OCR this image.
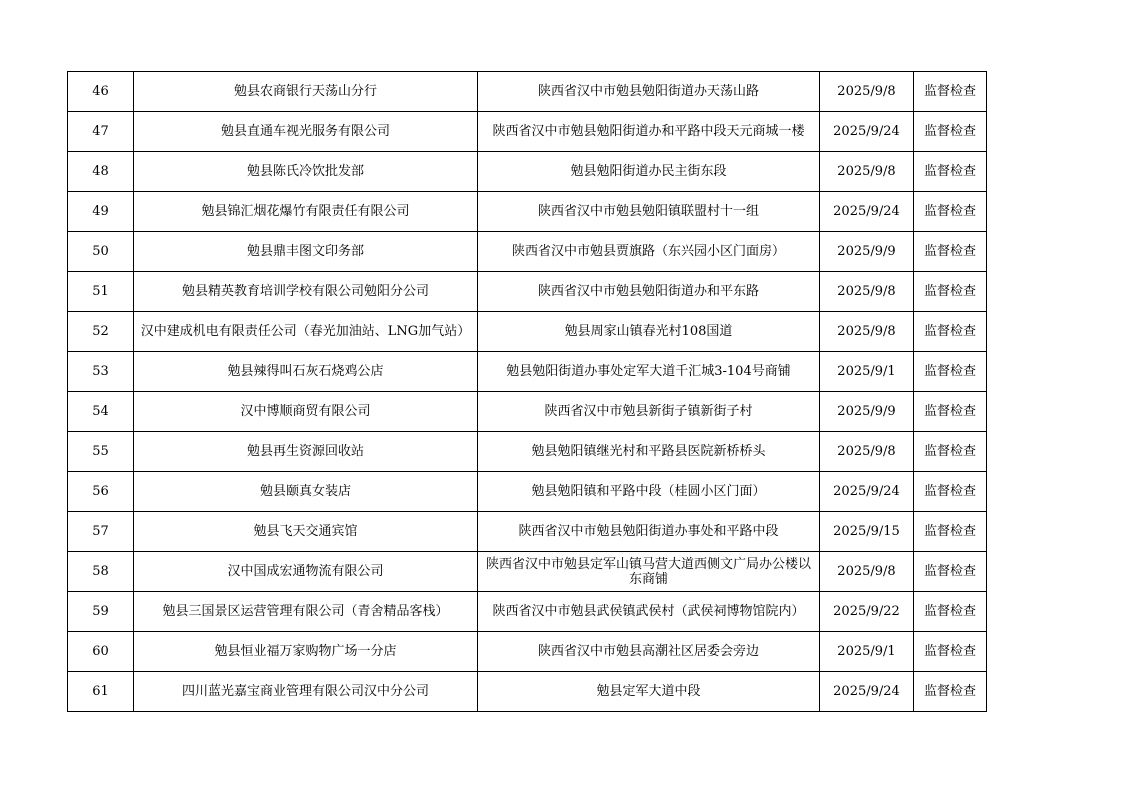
46	勉县农商银行天荡山分行	陕西省汉中市勉县勉阳街道办天荡山路	2025/9/8	监督检查
47	勉县直通车视光服务有限公司	陕西省汉中市勉县勉阳街道办和平路中段天元商城一楼	2025/9/24	监督检查
48	勉县陈氏冷饮批发部	勉县勉阳街道办民主街东段	2025/9/8	监督检查
49	勉县锦汇烟花爆竹有限责任有限公司	陕西省汉中市勉县勉阳镇联盟村十一组	2025/9/24	监督检查
50	勉县鼎丰图文印务部	陕西省汉中市勉县贾旗路（东兴园小区门面房）	2025/9/9	监督检查
51	勉县精英教育培训学校有限公司勉阳分公司	陕西省汉中市勉县勉阳街道办和平东路	2025/9/8	监督检查
52	汉中建成机电有限责任公司（春光加油站、LNG加气站）	勉县周家山镇春光村108国道	2025/9/8	监督检查
53	勉县辣得叫石灰石烧鸡公店	勉县勉阳街道办事处定军大道千汇城3-104号商铺	2025/9/1	监督检查
54	汉中博顺商贸有限公司	陕西省汉中市勉县新街子镇新街子村	2025/9/9	监督检查
55	勉县再生资源回收站	勉县勉阳镇继光村和平路县医院新桥桥头	2025/9/8	监督检查
56	勉县颐真女装店	勉县勉阳镇和平路中段（桂圆小区门面）	2025/9/24	监督检查
57	勉县飞天交通宾馆	陕西省汉中市勉县勉阳街道办事处和平路中段	2025/9/15	监督检查
58	汉中国成宏通物流有限公司	陕西省汉中市勉县定军山镇马营大道西侧文广局办公楼以东商铺	2025/9/8	监督检查
59	勉县三国景区运营管理有限公司（青舍精品客栈）	陕西省汉中市勉县武侯镇武侯村（武侯祠博物馆院内）	2025/9/22	监督检查
60	勉县恒业福万家购物广场一分店	陕西省汉中市勉县高潮社区居委会旁边	2025/9/1	监督检查
61	四川蓝光嘉宝商业管理有限公司汉中分公司	勉县定军大道中段	2025/9/24	监督检查
